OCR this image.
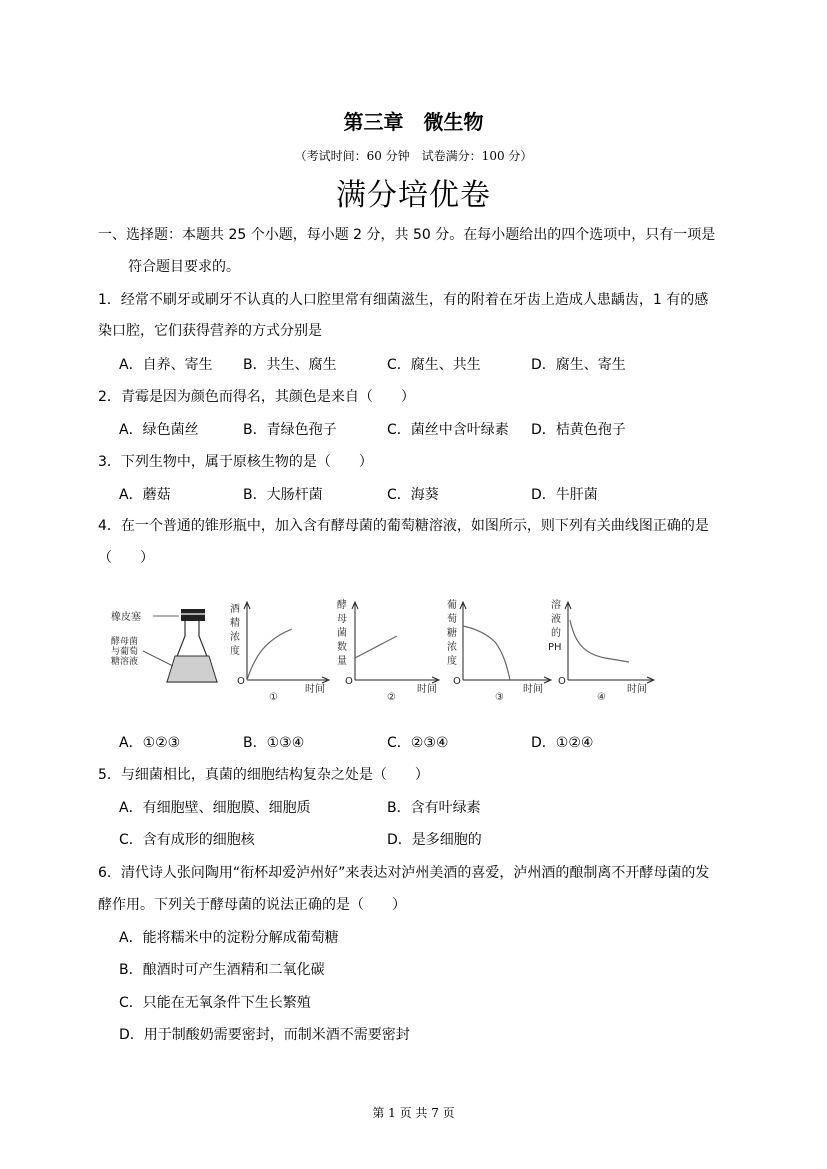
第三章　微生物
（考试时间：60 分钟　试卷满分：100 分）
满分培优卷
一、选择题：本题共 25 个小题，每小题 2 分，共 50 分。在每小题给出的四个选项中，只有一项是
符合题目要求的。
1．经常不刷牙或刷牙不认真的人口腔里常有细菌滋生，有的附着在牙齿上造成人患龋齿，1 有的感
染口腔，它们获得营养的方式分别是
A．自养、寄生 B．共生、腐生	C．腐生、共生	D．腐生、寄生
2．青霉是因为颜色而得名，其颜色是来自（　　）
A．绿色菌丝	B．青绿色孢子	C．菌丝中含叶绿素 D．桔黄色孢子
3．下列生物中，属于原核生物的是（　　）
A．蘑菇	B．大肠杆菌	C．海葵	D．牛肝菌
4．在一个普通的锥形瓶中，加入含有酵母菌的葡萄糖溶液，如图所示，则下列有关曲线图正确的是
（　　）
橡皮塞
酵母菌
与葡萄
糖溶液
酒
精
浓
度
O
①
时间
酵
母
菌
数
量
O
②
时间
葡
萄
糖
浓
度
O
③
时间
溶
液
的
PH
O
④
时间
A．①②③	B．①③④	C．②③④	D．①②④
5．与细菌相比，真菌的细胞结构复杂之处是（　　）
A．有细胞壁、细胞膜、细胞质	B．含有叶绿素
C．含有成形的细胞核	D．是多细胞的
6．清代诗人张问陶用“衔杯却爱泸州好”来表达对泸州美酒的喜爱，泸州酒的酿制离不开酵母菌的发
酵作用。下列关于酵母菌的说法正确的是（　　）
A．能将糯米中的淀粉分解成葡萄糖
B．酿酒时可产生酒精和二氧化碳
C．只能在无氧条件下生长繁殖
D．用于制酸奶需要密封，而制米酒不需要密封
第 1 页 共 7 页
